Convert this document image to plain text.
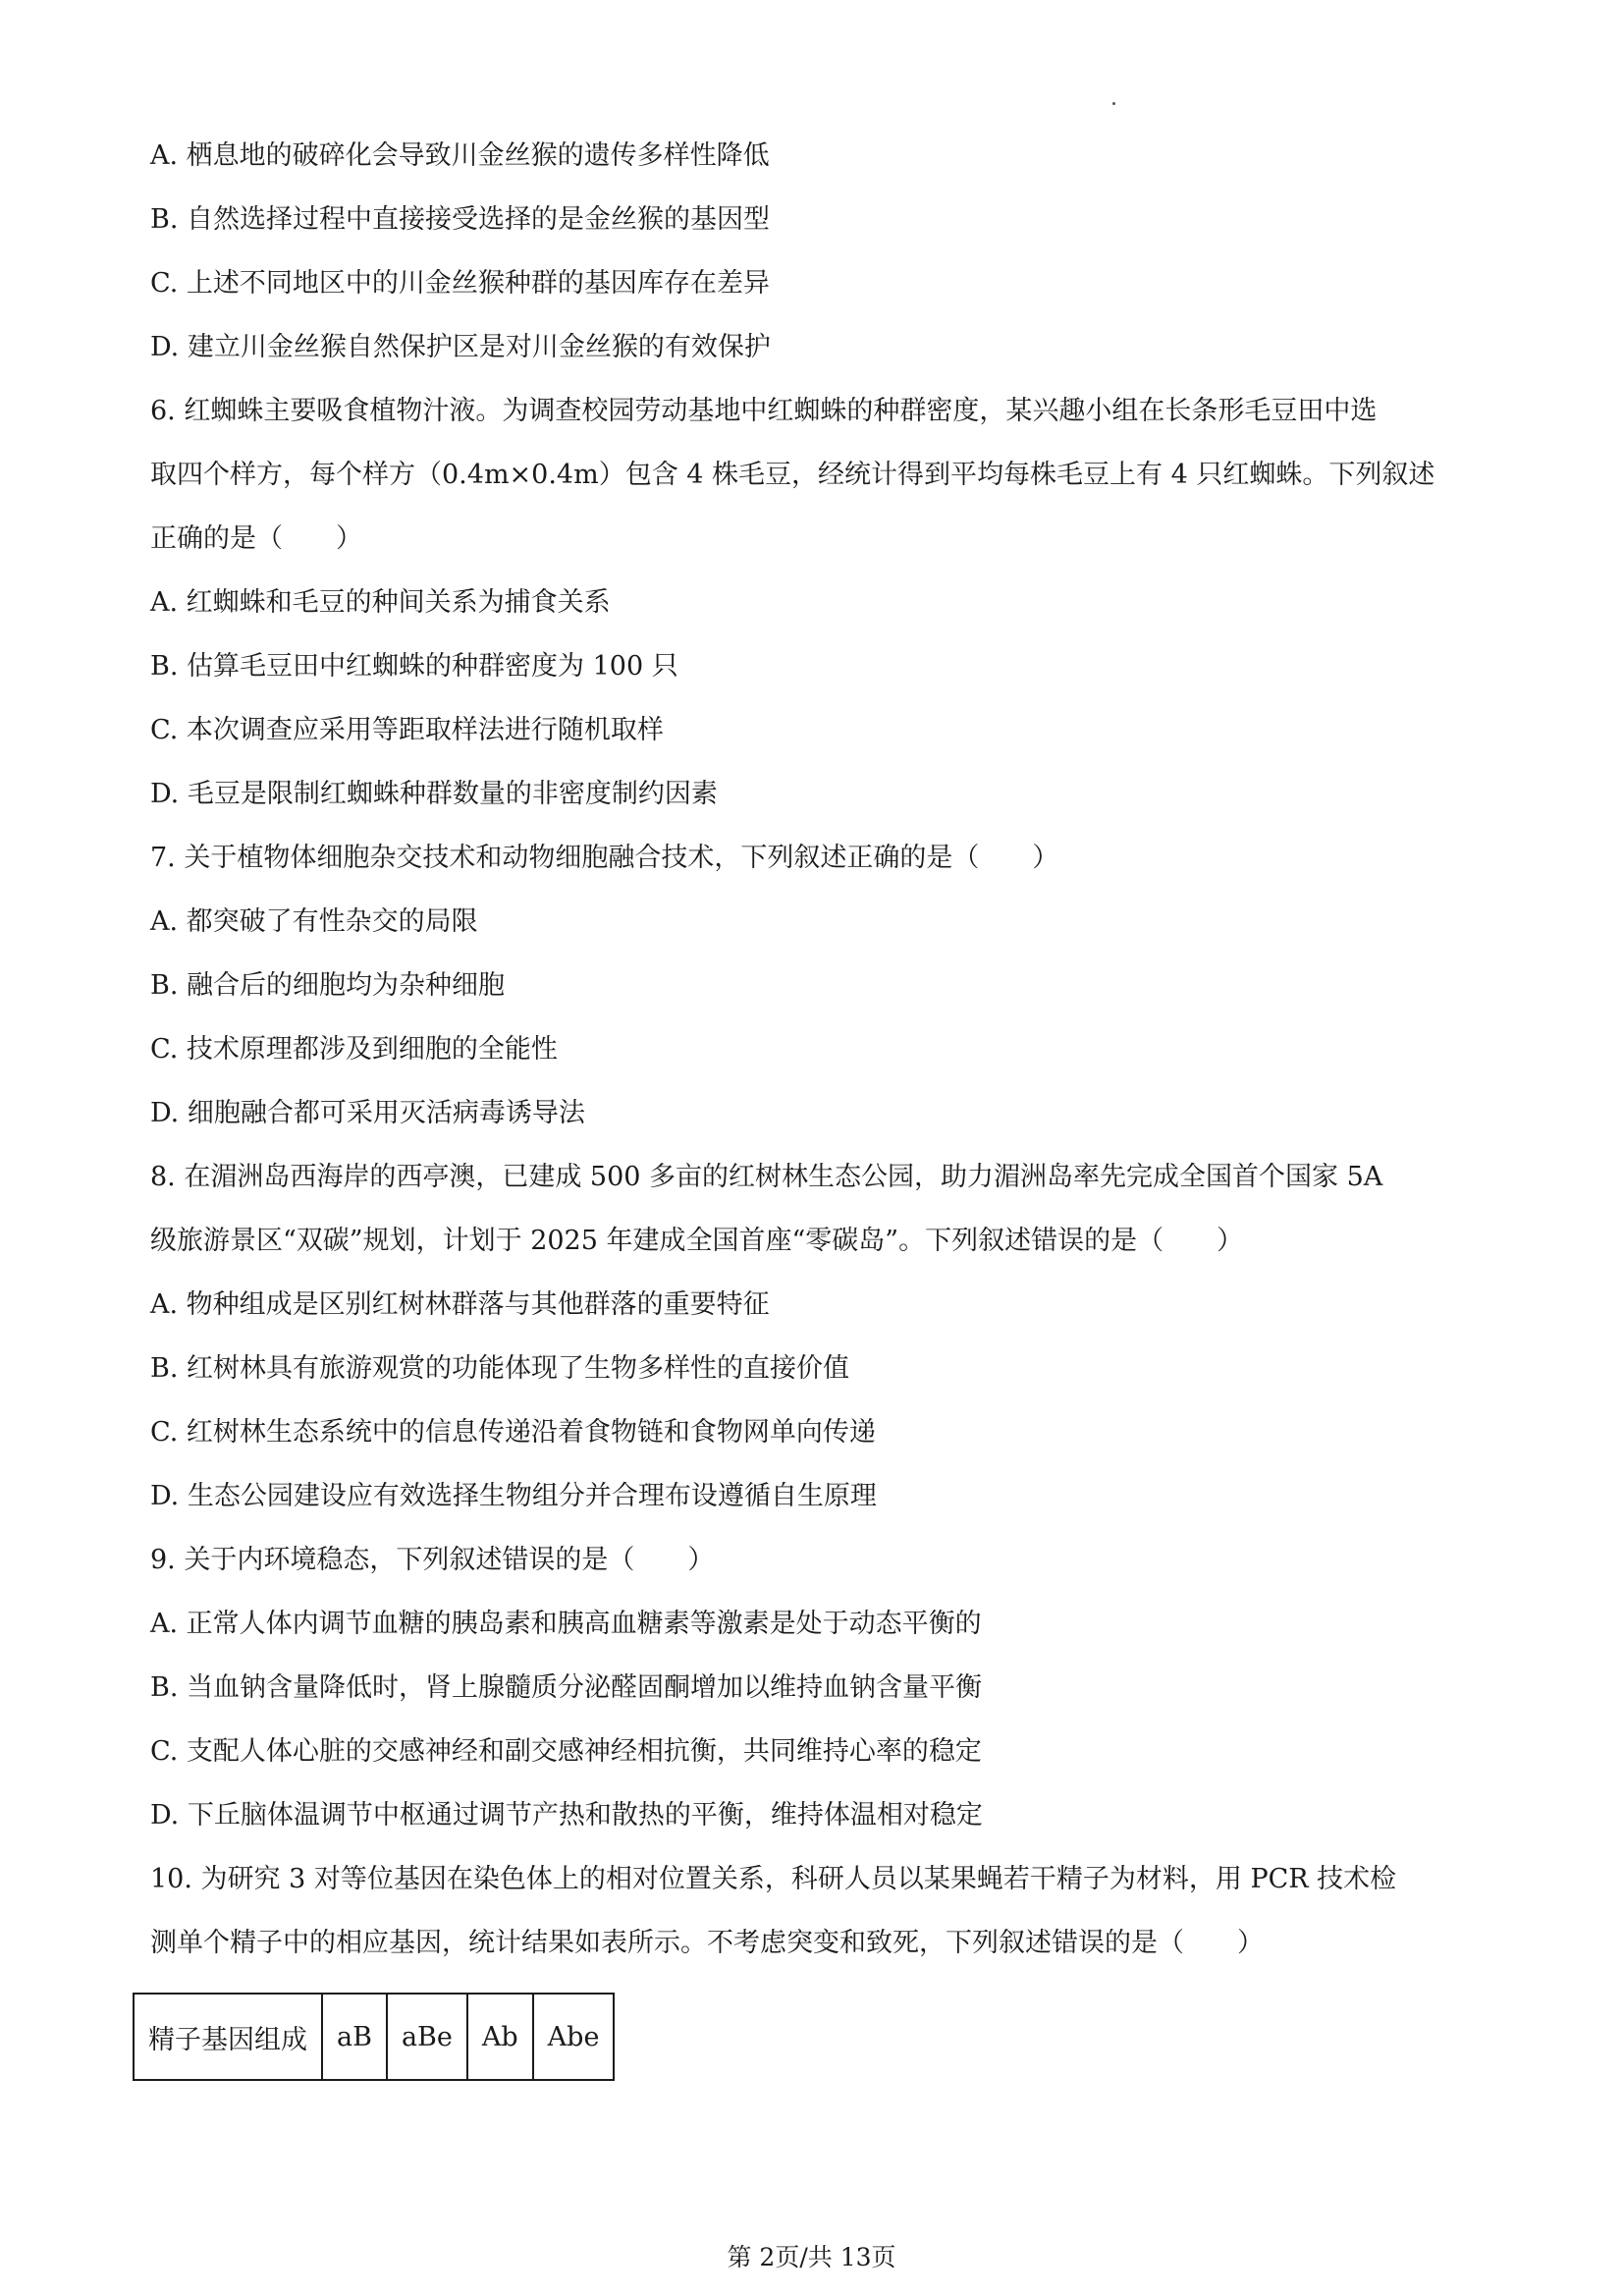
A. 栖息地的破碎化会导致川金丝猴的遗传多样性降低
B. 自然选择过程中直接接受选择的是金丝猴的基因型
C. 上述不同地区中的川金丝猴种群的基因库存在差异
D. 建立川金丝猴自然保护区是对川金丝猴的有效保护
6. 红蜘蛛主要吸食植物汁液。为调查校园劳动基地中红蜘蛛的种群密度，某兴趣小组在长条形毛豆田中选
取四个样方，每个样方（0.4m×0.4m）包含 4 株毛豆，经统计得到平均每株毛豆上有 4 只红蜘蛛。下列叙述
正确的是（　　）
A. 红蜘蛛和毛豆的种间关系为捕食关系
B. 估算毛豆田中红蜘蛛的种群密度为 100 只
C. 本次调查应采用等距取样法进行随机取样
D. 毛豆是限制红蜘蛛种群数量的非密度制约因素
7. 关于植物体细胞杂交技术和动物细胞融合技术，下列叙述正确的是（　　）
A. 都突破了有性杂交的局限
B. 融合后的细胞均为杂种细胞
C. 技术原理都涉及到细胞的全能性
D. 细胞融合都可采用灭活病毒诱导法
8. 在湄洲岛西海岸的西亭澳，已建成 500 多亩的红树林生态公园，助力湄洲岛率先完成全国首个国家 5A
级旅游景区“双碳”规划，计划于 2025 年建成全国首座“零碳岛”。下列叙述错误的是（　　）
A. 物种组成是区别红树林群落与其他群落的重要特征
B. 红树林具有旅游观赏的功能体现了生物多样性的直接价值
C. 红树林生态系统中的信息传递沿着食物链和食物网单向传递
D. 生态公园建设应有效选择生物组分并合理布设遵循自生原理
9. 关于内环境稳态，下列叙述错误的是（　　）
A. 正常人体内调节血糖的胰岛素和胰高血糖素等激素是处于动态平衡的
B. 当血钠含量降低时，肾上腺髓质分泌醛固酮增加以维持血钠含量平衡
C. 支配人体心脏的交感神经和副交感神经相抗衡，共同维持心率的稳定
D. 下丘脑体温调节中枢通过调节产热和散热的平衡，维持体温相对稳定
10. 为研究 3 对等位基因在染色体上的相对位置关系，科研人员以某果蝇若干精子为材料，用 PCR 技术检
测单个精子中的相应基因，统计结果如表所示。不考虑突变和致死，下列叙述错误的是（　　）
精子基因组成	aB	aBe	Ab	Abe
第 2页/共 13页
